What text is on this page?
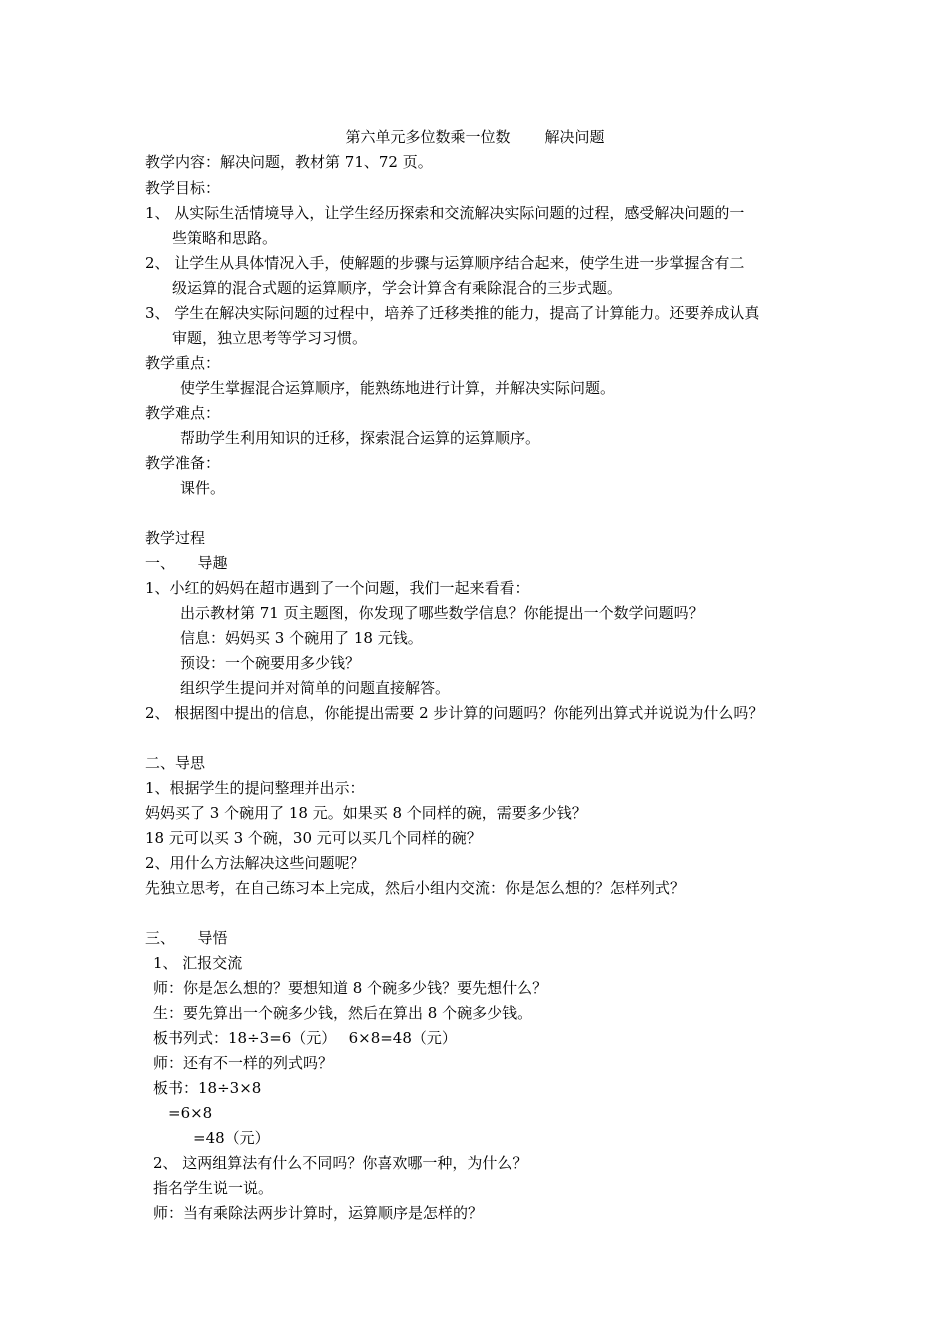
第六单元多位数乘一位数 解决问题
教学内容：解决问题，教材第 71、72 页。
教学目标：
1、 从实际生活情境导入，让学生经历探索和交流解决实际问题的过程，感受解决问题的一
些策略和思路。
2、 让学生从具体情况入手，使解题的步骤与运算顺序结合起来，使学生进一步掌握含有二
级运算的混合式题的运算顺序，学会计算含有乘除混合的三步式题。
3、 学生在解决实际问题的过程中，培养了迁移类推的能力，提高了计算能力。还要养成认真
审题，独立思考等学习习惯。
教学重点：
使学生掌握混合运算顺序，能熟练地进行计算，并解决实际问题。
教学难点：
帮助学生利用知识的迁移，探索混合运算的运算顺序。
教学准备：
课件。
教学过程
一、　　导趣
1、小红的妈妈在超市遇到了一个问题，我们一起来看看：
出示教材第 71 页主题图，你发现了哪些数学信息？你能提出一个数学问题吗？
信息：妈妈买 3 个碗用了 18 元钱。
预设：一个碗要用多少钱？
组织学生提问并对简单的问题直接解答。
2、 根据图中提出的信息，你能提出需要 2 步计算的问题吗？你能列出算式并说说为什么吗？
二、导思
1、根据学生的提问整理并出示：
妈妈买了 3 个碗用了 18 元。如果买 8 个同样的碗，需要多少钱？
18 元可以买 3 个碗，30 元可以买几个同样的碗？
2、用什么方法解决这些问题呢？
先独立思考，在自己练习本上完成，然后小组内交流：你是怎么想的？怎样列式？
三、　　导悟
1、 汇报交流
师：你是怎么想的？要想知道 8 个碗多少钱？要先想什么？
生：要先算出一个碗多少钱，然后在算出 8 个碗多少钱。
板书列式：18÷3=6（元）　 6×8=48（元）
师：还有不一样的列式吗？
板书：18÷3×8
=6×8
=48（元）
2、 这两组算法有什么不同吗？你喜欢哪一种，为什么？
指名学生说一说。
师：当有乘除法两步计算时，运算顺序是怎样的？
